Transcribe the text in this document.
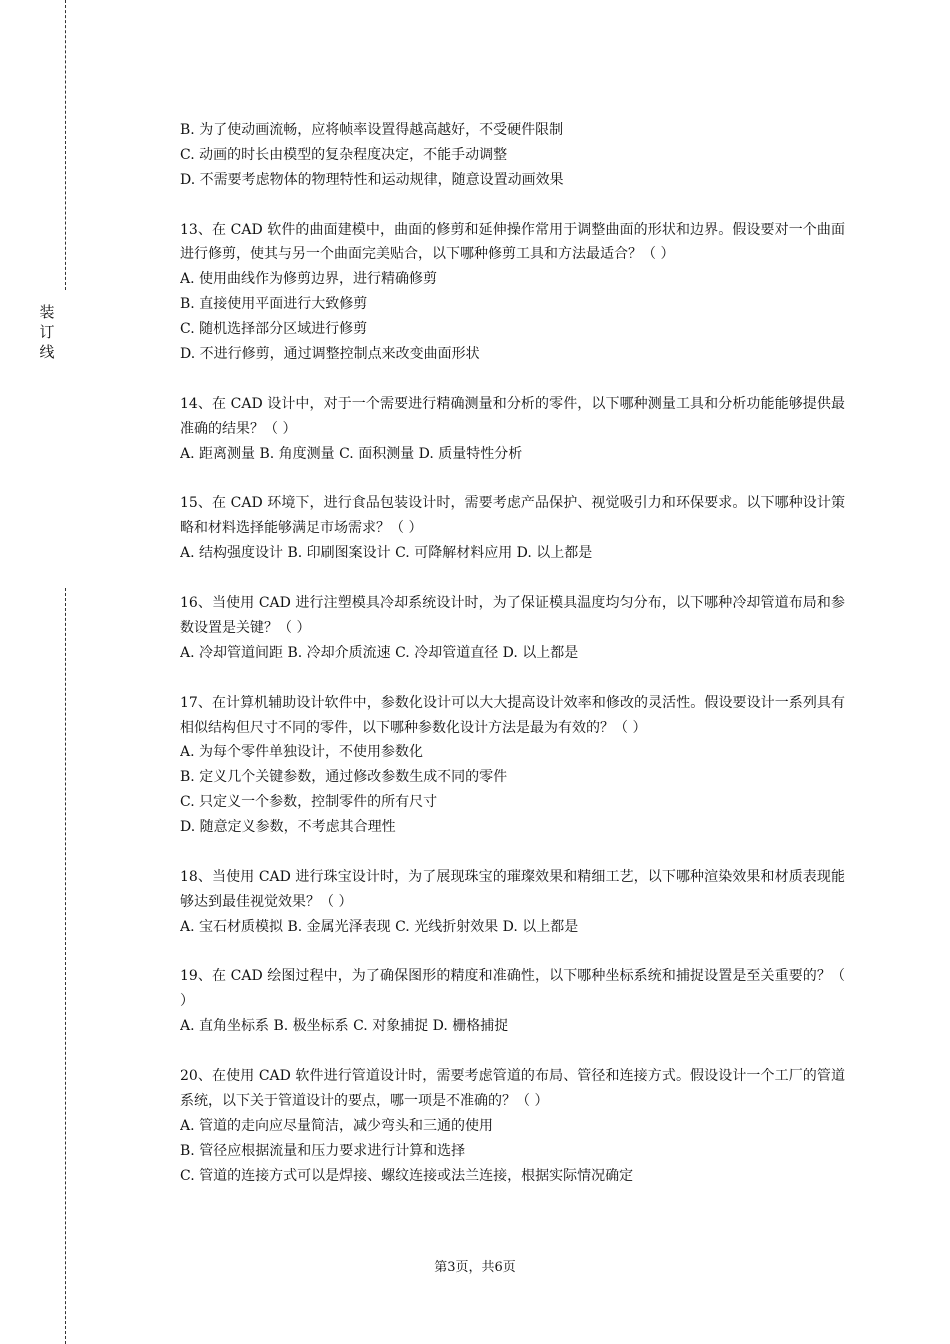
装订线
B. 为了使动画流畅，应将帧率设置得越高越好，不受硬件限制
C. 动画的时长由模型的复杂程度决定，不能手动调整
D. 不需要考虑物体的物理特性和运动规律，随意设置动画效果
13、在 CAD 软件的曲面建模中，曲面的修剪和延伸操作常用于调整曲面的形状和边界。假设要对一个曲面进行修剪，使其与另一个曲面完美贴合，以下哪种修剪工具和方法最适合？（ ）
A. 使用曲线作为修剪边界，进行精确修剪
B. 直接使用平面进行大致修剪
C. 随机选择部分区域进行修剪
D. 不进行修剪，通过调整控制点来改变曲面形状
14、在 CAD 设计中，对于一个需要进行精确测量和分析的零件，以下哪种测量工具和分析功能能够提供最准确的结果？（ ）
A. 距离测量 B. 角度测量 C. 面积测量 D. 质量特性分析
15、在 CAD 环境下，进行食品包装设计时，需要考虑产品保护、视觉吸引力和环保要求。以下哪种设计策略和材料选择能够满足市场需求？（ ）
A. 结构强度设计 B. 印刷图案设计 C. 可降解材料应用 D. 以上都是
16、当使用 CAD 进行注塑模具冷却系统设计时，为了保证模具温度均匀分布，以下哪种冷却管道布局和参数设置是关键？（ ）
A. 冷却管道间距 B. 冷却介质流速 C. 冷却管道直径 D. 以上都是
17、在计算机辅助设计软件中，参数化设计可以大大提高设计效率和修改的灵活性。假设要设计一系列具有相似结构但尺寸不同的零件，以下哪种参数化设计方法是最为有效的？（ ）
A. 为每个零件单独设计，不使用参数化
B. 定义几个关键参数，通过修改参数生成不同的零件
C. 只定义一个参数，控制零件的所有尺寸
D. 随意定义参数，不考虑其合理性
18、当使用 CAD 进行珠宝设计时，为了展现珠宝的璀璨效果和精细工艺，以下哪种渲染效果和材质表现能够达到最佳视觉效果？（ ）
A. 宝石材质模拟 B. 金属光泽表现 C. 光线折射效果 D. 以上都是
19、在 CAD 绘图过程中，为了确保图形的精度和准确性，以下哪种坐标系统和捕捉设置是至关重要的？（ ）
A. 直角坐标系 B. 极坐标系 C. 对象捕捉 D. 栅格捕捉
20、在使用 CAD 软件进行管道设计时，需要考虑管道的布局、管径和连接方式。假设设计一个工厂的管道系统，以下关于管道设计的要点，哪一项是不准确的？（ ）
A. 管道的走向应尽量简洁，减少弯头和三通的使用
B. 管径应根据流量和压力要求进行计算和选择
C. 管道的连接方式可以是焊接、螺纹连接或法兰连接，根据实际情况确定
第3页，共6页
